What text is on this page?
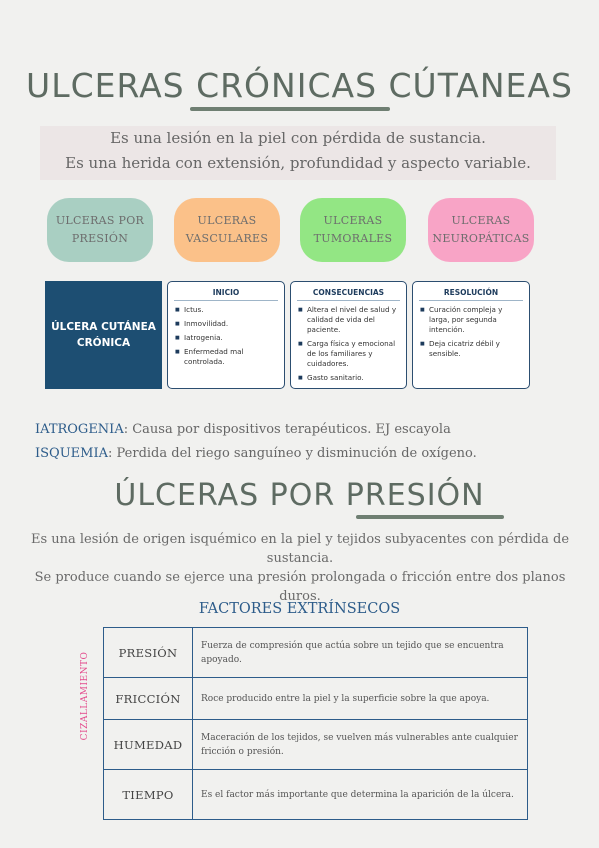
ULCERAS CRÓNICAS CÚTANEAS
Es una lesión en la piel con pérdida de sustancia.
Es una herida con extensión, profundidad y aspecto variable.
ULCERAS POR
PRESIÓN
ULCERAS
VASCULARES
ULCERAS
TUMORALES
ULCERAS
NEUROPÁTICAS
ÚLCERA CUTÁNEA
CRÓNICA
INICIO
■ Ictus.
■ Inmovilidad.
■ Iatrogenia.
■ Enfermedad mal controlada.
CONSECUENCIAS
■ Altera el nivel de salud y calidad de vida del paciente.
■ Carga física y emocional de los familiares y cuidadores.
■ Gasto sanitario.
RESOLUCIÓN
■ Curación compleja y larga, por segunda intención.
■ Deja cicatriz débil y sensible.
IATROGENIA: Causa por dispositivos terapéuticos. EJ escayola
ISQUEMIA: Perdida del riego sanguíneo y disminución de oxígeno.
ÚLCERAS POR PRESIÓN
Es una lesión de origen isquémico en la piel y tejidos subyacentes con pérdida de
sustancia.
Se produce cuando se ejerce una presión prolongada o fricción entre dos planos duros.
FACTORES EXTRÍNSECOS
CIZALLAMIENTO PRESIÓN	Fuerza de compresión que actúa sobre un tejido que se encuentra apoyado.
FRICCIÓN	Roce producido entre la piel y la superficie sobre la que apoya.
HUMEDAD	Maceración de los tejidos, se vuelven más vulnerables ante cualquier fricción o presión.
TIEMPO	Es el factor más importante que determina la aparición de la úlcera.
